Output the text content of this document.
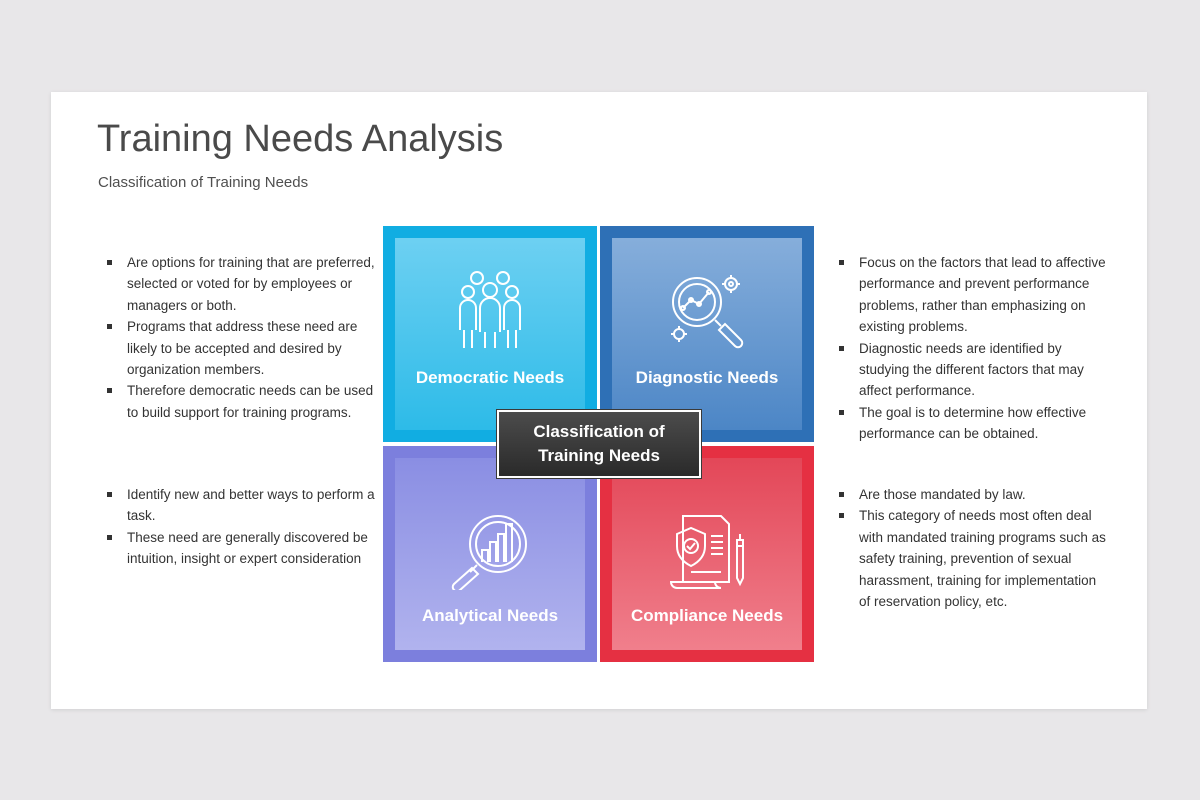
Training Needs Analysis
Classification of Training Needs
Are options for training that are preferred, selected or voted for by employees or managers or both.
Programs that address these need are likely to be accepted and desired by organization members.
Therefore democratic needs can be used to build support for training programs.
Identify new and better ways to perform a task.
These need are generally discovered be intuition, insight or expert consideration
Focus on the factors that lead to affective performance and prevent performance problems, rather than emphasizing on existing problems.
Diagnostic needs are identified by studying the different factors that may affect performance.
The goal is to determine how effective performance can be obtained.
Are those mandated by law.
This category of needs most often deal with mandated training programs such as safety training, prevention of sexual harassment, training for implementation of reservation policy, etc.
Democratic Needs	Diagnostic Needs
Analytical Needs	Compliance Needs
Classification of
Training Needs
